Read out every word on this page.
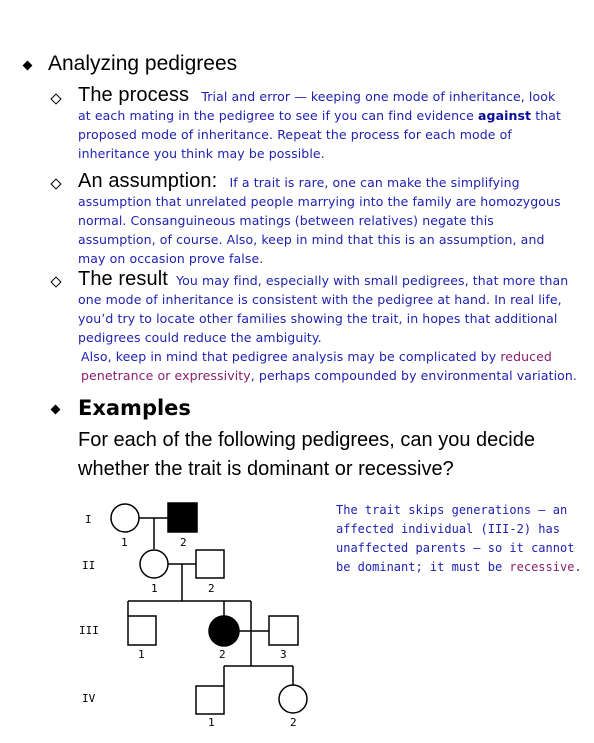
Analyzing pedigrees
The process Trial and error — keeping one mode of inheritance, look at each mating in the pedigree to see if you can find evidence against that proposed mode of inheritance. Repeat the process for each mode of inheritance you think may be possible.
An assumption: If a trait is rare, one can make the simplifying assumption that unrelated people marrying into the family are homozygous normal. Consanguineous matings (between relatives) negate this assumption, of course. Also, keep in mind that this is an assumption, and may on occasion prove false.
The result You may find, especially with small pedigrees, that more than one mode of inheritance is consistent with the pedigree at hand. In real life, you’d try to locate other families showing the trait, in hopes that additional pedigrees could reduce the ambiguity.
Also, keep in mind that pedigree analysis may be complicated by reduced penetrance or expressivity, perhaps compounded by environmental variation.
Examples
For each of the following pedigrees, can you decide whether the trait is dominant or recessive?
I
II
III
IV
1	2
1	2
1	2	3
1	2
The trait skips generations — an
affected individual (III-2) has
unaffected parents — so it cannot
be dominant; it must be recessive.
